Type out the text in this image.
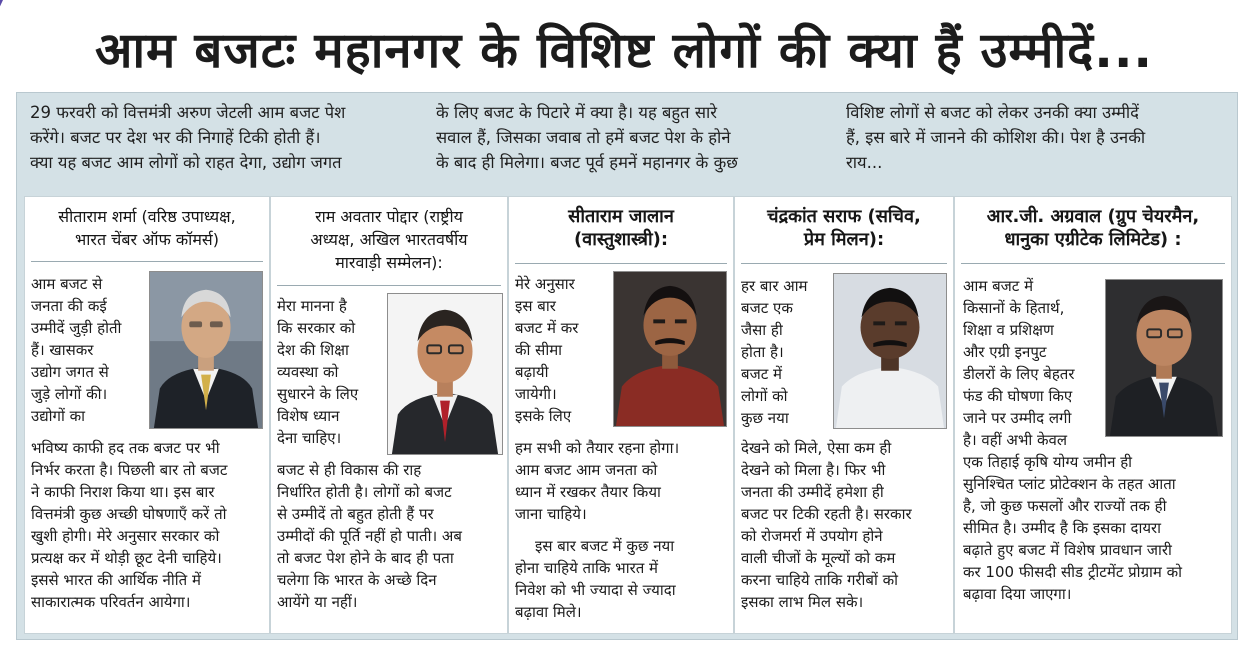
आम बजटः महानगर के विशिष्ट लोगों की क्या हैं उम्मीदें...

29 फरवरी को वित्तमंत्री अरुण जेटली आम बजट पेश

करेंगे। बजट पर देश भर की निगाहें टिकी होती हैं।

क्या यह बजट आम लोगों को राहत देगा, उद्योग जगत

के लिए बजट के पिटारे में क्या है। यह बहुत सारे

सवाल हैं, जिसका जवाब तो हमें बजट पेश के होने

के बाद ही मिलेगा। बजट पूर्व हमनें महानगर के कुछ

विशिष्ट लोगों से बजट को लेकर उनकी क्या उम्मीदें

हैं, इस बारे में जानने की कोशिश की। पेश है उनकी

राय...

सीताराम शर्मा (वरिष्ठ उपाध्यक्ष,
भारत चेंबर ऑफ कॉमर्स)

आम बजट से

जनता की कई

उम्मीदें जुड़ी होती

हैं। खासकर

उद्योग जगत से

जुड़े लोगों की।

उद्योगों का

भविष्य काफी हद तक बजट पर भी

निर्भर करता है। पिछली बार तो बजट

ने काफी निराश किया था। इस बार

वित्तमंत्री कुछ अच्छी घोषणाएँ करें तो

खुशी होगी। मेरे अनुसार सरकार को

प्रत्यक्ष कर में थोड़ी छूट देनी चाहिये।

इससे भारत की आर्थिक नीति में

साकारात्मक परिवर्तन आयेगा।

राम अवतार पोद्दार (राष्ट्रीय
अध्यक्ष, अखिल भारतवर्षीय
मारवाड़ी सम्मेलन):

मेरा मानना है

कि सरकार को

देश की शिक्षा

व्यवस्था को

सुधारने के लिए

विशेष ध्यान

देना चाहिए।

बजट से ही विकास की राह

निर्धारित होती है। लोगों को बजट

से उम्मीदें तो बहुत होती हैं पर

उम्मीदों की पूर्ति नहीं हो पाती। अब

तो बजट पेश होने के बाद ही पता

चलेगा कि भारत के अच्छे दिन

आयेंगे या नहीं।

सीताराम जालान
(वास्तुशास्त्री):

मेरे अनुसार

इस बार

बजट में कर

की सीमा

बढ़ायी

जायेगी।

इसके लिए

हम सभी को तैयार रहना होगा।

आम बजट आम जनता को

ध्यान में रखकर तैयार किया

जाना चाहिये।

इस बार बजट में कुछ नया

होना चाहिये ताकि भारत में

निवेश को भी ज्यादा से ज्यादा

बढ़ावा मिले।

चंद्रकांत सराफ (सचिव,
प्रेम मिलन):

हर बार आम

बजट एक

जैसा ही

होता है।

बजट में

लोगों को

कुछ नया

देखने को मिले, ऐसा कम ही

देखने को मिला है। फिर भी

जनता की उम्मीदें हमेशा ही

बजट पर टिकी रहती है। सरकार

को रोजमर्रा में उपयोग होने

वाली चीजों के मूल्यों को कम

करना चाहिये ताकि गरीबों को

इसका लाभ मिल सके।

आर.जी. अग्रवाल (ग्रुप चेयरमैन,
धानुका एग्रीटेक लिमिटेड) :

आम बजट में

किसानों के हितार्थ,

शिक्षा व प्रशिक्षण

और एग्री इनपुट

डीलरों के लिए बेहतर

फंड की घोषणा किए

जाने पर उम्मीद लगी

है। वहीं अभी केवल

एक तिहाई कृषि योग्य जमीन ही

सुनिश्चित प्लांट प्रोटेक्शन के तहत आता

है, जो कुछ फसलों और राज्यों तक ही

सीमित है। उम्मीद है कि इसका दायरा

बढ़ाते हुए बजट में विशेष प्रावधान जारी

कर 100 फीसदी सीड ट्रीटमेंट प्रोग्राम को

बढ़ावा दिया जाएगा।
